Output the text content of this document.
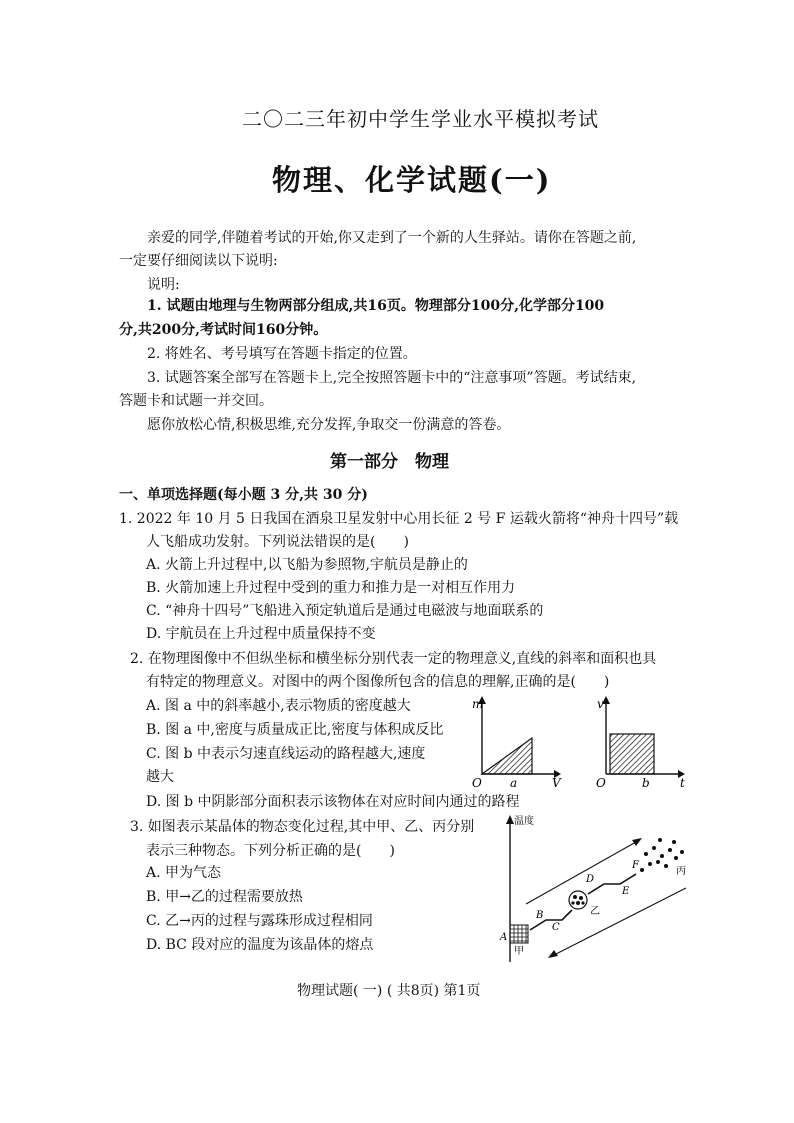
二〇二三年初中学生学业水平模拟考试
物理、化学试题(一)
亲爱的同学,伴随着考试的开始,你又走到了一个新的人生驿站。请你在答题之前,
一定要仔细阅读以下说明:
说明:
1. 试题由地理与生物两部分组成,共16页。物理部分100分,化学部分100
分,共200分,考试时间160分钟。
2. 将姓名、考号填写在答题卡指定的位置。
3. 试题答案全部写在答题卡上,完全按照答题卡中的“注意事项”答题。考试结束,
答题卡和试题一并交回。
愿你放松心情,积极思维,充分发挥,争取交一份满意的答卷。
第一部分　物理
一、单项选择题(每小题 3 分,共 30 分)
1. 2022 年 10 月 5 日我国在酒泉卫星发射中心用长征 2 号 F 运载火箭将“神舟十四号”载
人飞船成功发射。下列说法错误的是(　　)
A. 火箭上升过程中,以飞船为参照物,宇航员是静止的
B. 火箭加速上升过程中受到的重力和推力是一对相互作用力
C. “神舟十四号”飞船进入预定轨道后是通过电磁波与地面联系的
D. 宇航员在上升过程中质量保持不变
2. 在物理图像中不但纵坐标和横坐标分别代表一定的物理意义,直线的斜率和面积也具
有特定的物理意义。对图中的两个图像所包含的信息的理解,正确的是(　　)
A. 图 a 中的斜率越小,表示物质的密度越大
B. 图 a 中,密度与质量成正比,密度与体积成反比
C. 图 b 中表示匀速直线运动的路程越大,速度
越大
D. 图 b 中阴影部分面积表示该物体在对应时间内通过的路程
m
V
O a
v
t
O	b
3. 如图表示某晶体的物态变化过程,其中甲、乙、丙分别
表示三种物态。下列分析正确的是(　　)
A. 甲为气态
B. 甲→乙的过程需要放热
C. 乙→丙的过程与露珠形成过程相同
D. BC 段对应的温度为该晶体的熔点
温度
A
B
C
D
E
F
甲
乙
丙
物理试题( 一) ( 共8页) 第1页
